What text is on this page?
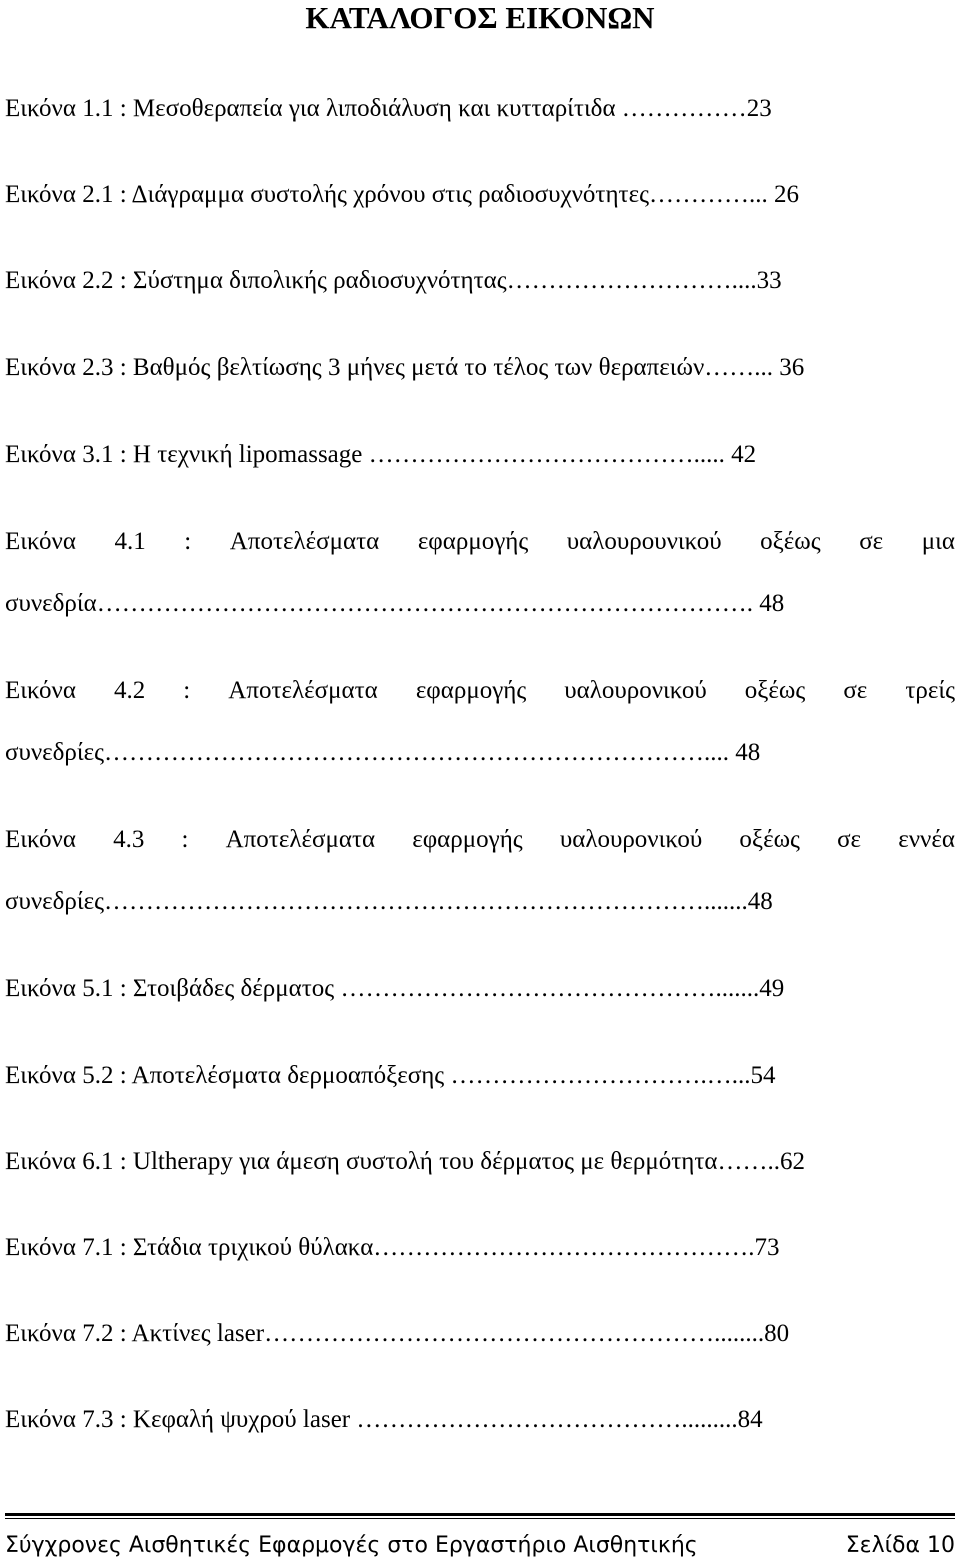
ΚΑΤΑΛΟΓΟΣ ΕΙΚΟΝΩΝ
Εικόνα 1.1 : Μεσοθεραπεία για λιποδιάλυση και κυτταρίτιδα ……………23
Εικόνα 2.1 : Διάγραμμα συστολής χρόνου στις ραδιοσυχνότητες…………... 26
Εικόνα 2.2 : Σύστημα διπολικής ραδιοσυχνότητας………………………....33
Εικόνα 2.3 : Βαθμός βελτίωσης 3 μήνες μετά το τέλος των θεραπειών……... 36
Εικόνα 3.1 : Η τεχνική lipomassage …………………………………..... 42
Εικόνα 4.1 : Αποτελέσματα εφαρμογής υαλουρουνικού οξέως σε μια
συνεδρία……………………………………………………………………. 48
Εικόνα 4.2 : Αποτελέσματα εφαρμογής υαλουρονικού οξέως σε τρείς
συνεδρίες……………………………………………………………….... 48
Εικόνα 4.3 : Αποτελέσματα εφαρμογής υαλουρονικού οξέως σε εννέα
συνεδρίες……………………………………………………………….......48
Εικόνα 5.1 : Στοιβάδες δέρματος ……………………………………….......49
Εικόνα 5.2 : Αποτελέσματα δερμοαπόξεσης ………………………….…...54
Εικόνα 6.1 : Ultherapy για άμεση συστολή του δέρματος με θερμότητα……..62
Εικόνα 7.1 : Στάδια τριχικού θύλακα……………………………………….73
Εικόνα 7.2 : Ακτίνες laser………………………………………………........80
Εικόνα 7.3 : Κεφαλή ψυχρού laser ………………………………….........84
Σύγχρονες Αισθητικές Εφαρμογές στο Εργαστήριο Αισθητικής	Σελίδα 10
